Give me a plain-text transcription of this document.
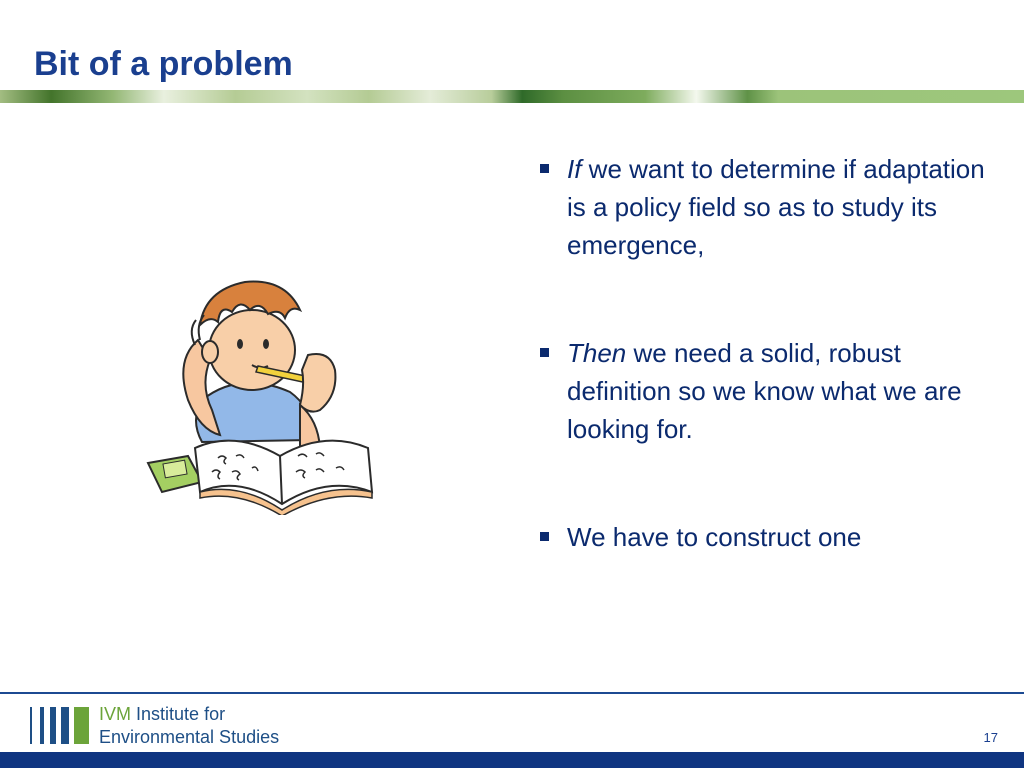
Bit of a problem
If we want to determine if adaptation is a policy field so as to study its emergence,
Then we need a solid, robust definition so we know what we are looking for.
We have to construct one
IVM Institute for
Environmental Studies	17
